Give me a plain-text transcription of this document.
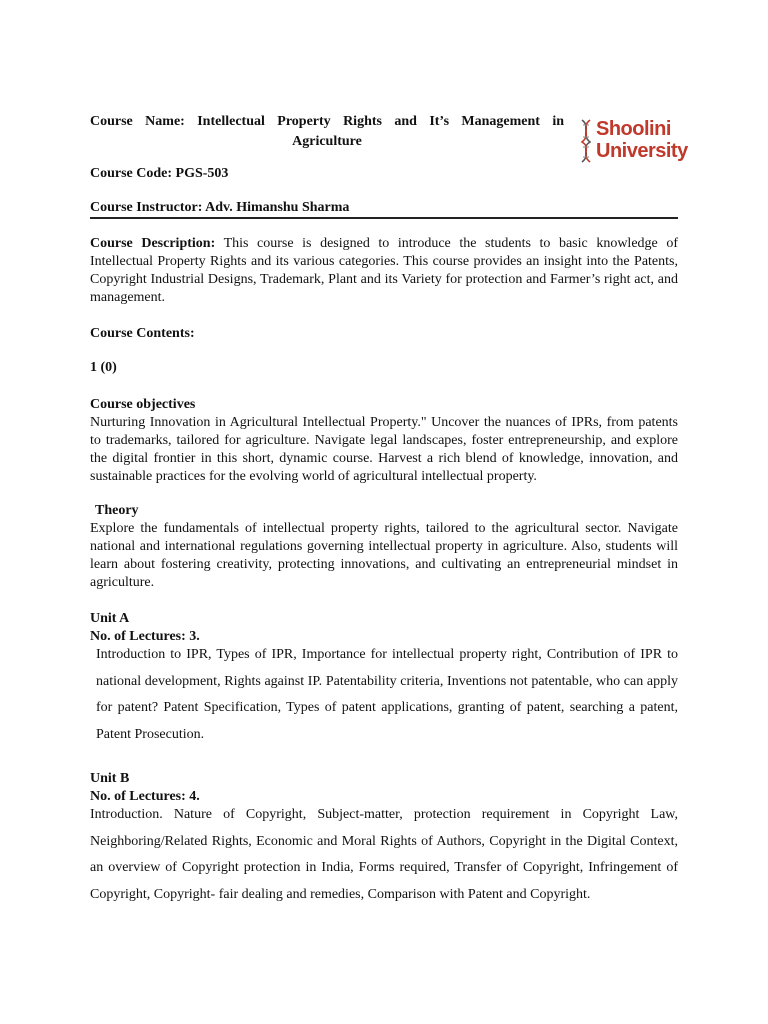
Course Name: Intellectual Property Rights and It’s Management in
Agriculture
Shoolini
University
Course Code: PGS-503
Course Instructor: Adv. Himanshu Sharma
Course Description: This course is designed to introduce the students to basic knowledge of Intellectual Property Rights and its various categories. This course provides an insight into the Patents, Copyright Industrial Designs, Trademark, Plant and its Variety for protection and Farmer’s right act, and management.
Course Contents:
1 (0)
Course objectives
Nurturing Innovation in Agricultural Intellectual Property." Uncover the nuances of IPRs, from patents to trademarks, tailored for agriculture. Navigate legal landscapes, foster entrepreneurship, and explore the digital frontier in this short, dynamic course. Harvest a rich blend of knowledge, innovation, and sustainable practices for the evolving world of agricultural intellectual property.
Theory
Explore the fundamentals of intellectual property rights, tailored to the agricultural sector. Navigate national and international regulations governing intellectual property in agriculture. Also, students will learn about fostering creativity, protecting innovations, and cultivating an entrepreneurial mindset in agriculture.
Unit A
No. of Lectures: 3.
Introduction to IPR, Types of IPR, Importance for intellectual property right, Contribution of IPR to national development, Rights against IP. Patentability criteria, Inventions not patentable, who can apply for patent? Patent Specification, Types of patent applications, granting of patent, searching a patent, Patent Prosecution.
Unit B
No. of Lectures: 4.
Introduction. Nature of Copyright, Subject-matter, protection requirement in Copyright Law, Neighboring/Related Rights, Economic and Moral Rights of Authors, Copyright in the Digital Context, an overview of Copyright protection in India, Forms required, Transfer of Copyright, Infringement of Copyright, Copyright- fair dealing and remedies, Comparison with Patent and Copyright.
